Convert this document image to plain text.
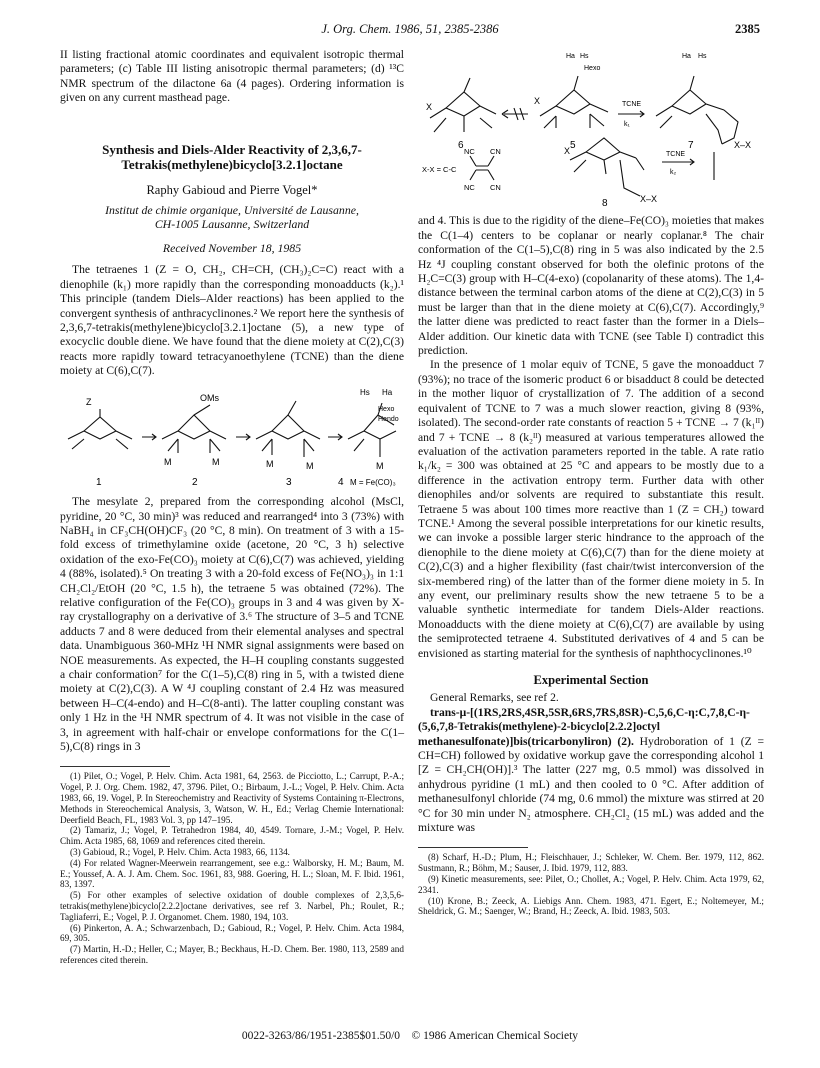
J. Org. Chem. 1986, 51, 2385-2386	2385

II listing fractional atomic coordinates and equivalent isotropic thermal parameters; (c) Table III listing anisotropic thermal parameters; (d) ¹³C NMR spectrum of the dilactone 6a (4 pages). Ordering information is given on any current masthead page.

Synthesis and Diels-Alder Reactivity of 2,3,6,7-Tetrakis(methylene)bicyclo[3.2.1]octane
Raphy Gabioud and Pierre Vogel*
Institut de chimie organique, Université de Lausanne,
CH-1005 Lausanne, Switzerland
Received November 18, 1985

The tetraenes 1 (Z = O, CH₂, CH=CH, (CH₃)₂C=C) react with a dienophile (k₁) more rapidly than the corresponding monoadducts (k₂).¹ This principle (tandem Diels–Alder reactions) has been applied to the convergent synthesis of anthracyclinones.² We report here the synthesis of 2,3,6,7-tetrakis(methylene)bicyclo[3.2.1]octane (5), a new type of exocyclic double diene. We have found that the diene moiety at C(2),C(3) reacts more rapidly toward tetracyanoethylene (TCNE) than the diene moiety at C(6),C(7).

Z	OMs
M	M	M	M	M
Hs Ha
Hexo
Hendo
1	2	3	4 M = Fe(CO)₃

The mesylate 2, prepared from the corresponding alcohol (MsCl, pyridine, 20 °C, 30 min)³ was reduced and rearranged⁴ into 3 (73%) with NaBH₄ in CF₃CH(OH)CF₃ (20 °C, 8 min). On treatment of 3 with a 15-fold excess of trimethylamine oxide (acetone, 20 °C, 3 h) selective oxidation of the exo-Fe(CO)₃ moiety at C(6),C(7) was achieved, yielding 4 (88%, isolated).⁵ On treating 3 with a 20-fold excess of Fe(NO₃)₃ in 1:1 CH₂Cl₂/EtOH (20 °C, 1.5 h), the tetraene 5 was obtained (72%). The relative configuration of the Fe(CO)₃ groups in 3 and 4 was given by X-ray crystallography on a derivative of 3.⁶ The structure of 3–5 and TCNE adducts 7 and 8 were deduced from their elemental analyses and spectral data. Unambiguous 360-MHz ¹H NMR signal assignments were based on NOE measurements. As expected, the H–H coupling constants suggested a chair conformation⁷ for the C(1–5),C(8) ring in 5, with a twisted diene moiety at C(2),C(3). A W ⁴J coupling constant of 2.4 Hz was measured between H–C(4-endo) and H–C(8-anti). The latter coupling constant was only 1 Hz in the ¹H NMR spectrum of 4. It was not visible in the case of 3, in agreement with half-chair or envelope conformations for the C(1–5),C(8) rings in 3

(1) Pilet, O.; Vogel, P. Helv. Chim. Acta 1981, 64, 2563. de Picciotto, L.; Carrupt, P.-A.; Vogel, P. J. Org. Chem. 1982, 47, 3796. Pilet, O.; Birbaum, J.-L.; Vogel, P. Helv. Chim. Acta 1983, 66, 19. Vogel, P. In Stereochemistry and Reactivity of Systems Containing π-Electrons, Methods in Stereochemical Analysis, 3, Watson, W. H., Ed.; Verlag Chemie International: Deerfield Beach, FL, 1983 Vol. 3, pp 147–195.
(2) Tamariz, J.; Vogel, P. Tetrahedron 1984, 40, 4549. Tornare, J.-M.; Vogel, P. Helv. Chim. Acta 1985, 68, 1069 and references cited therein.
(3) Gabioud, R.; Vogel, P. Helv. Chim. Acta 1983, 66, 1134.
(4) For related Wagner-Meerwein rearrangement, see e.g.: Walborsky, H. M.; Baum, M. E.; Youssef, A. A. J. Am. Chem. Soc. 1961, 83, 988. Goering, H. L.; Sloan, M. F. Ibid. 1961, 83, 1397.
(5) For other examples of selective oxidation of double complexes of 2,3,5,6-tetrakis(methylene)bicyclo[2.2.2]octane derivatives, see ref 3. Narbel, Ph.; Roulet, R.; Tagliaferri, E.; Vogel, P. J. Organomet. Chem. 1980, 194, 103.
(6) Pinkerton, A. A.; Schwarzenbach, D.; Gabioud, R.; Vogel, P. Helv. Chim. Acta 1984, 69, 305.
(7) Martin, H.-D.; Heller, C.; Mayer, B.; Beckhaus, H.-D. Chem. Ber. 1980, 113, 2589 and references cited therein.
X
X
X–X
Ha Hs
Hexo
Ha Hs
TCNE
k₁
TCNE
k₂
NC CN
NC CN
X-X = C-C
X
X–X
6	5	7
8

and 4. This is due to the rigidity of the diene–Fe(CO)₃ moieties that makes the C(1–4) centers to be coplanar or nearly coplanar.⁸ The chair conformation of the C(1–5),C(8) ring in 5 was also indicated by the 2.5 Hz ⁴J coupling constant observed for both the olefinic protons of the H₂C=C(3) group with H–C(4-exo) (copolanarity of these atoms). The 1,4-distance between the terminal carbon atoms of the diene at C(2),C(3) in 5 must be larger than that in the diene moiety at C(6),C(7). Accordingly,⁹ the latter diene was predicted to react faster than the former in a Diels–Alder addition. Our kinetic data with TCNE (see Table I) contradict this prediction.

In the presence of 1 molar equiv of TCNE, 5 gave the monoadduct 7 (93%); no trace of the isomeric product 6 or bisadduct 8 could be detected in the mother liquor of crystallization of 7. The addition of a second equivalent of TCNE to 7 was a much slower reaction, giving 8 (93%, isolated). The second-order rate constants of reaction 5 + TCNE → 7 (k₁ᴵᴵ) and 7 + TCNE → 8 (k₂ᴵᴵ) measured at various temperatures allowed the evaluation of the activation parameters reported in the table. A rate ratio k₁/k₂ = 300 was obtained at 25 °C and appears to be mostly due to a difference in the activation entropy term. Further data with other dienophiles and/or solvents are required to substantiate this result. Tetraene 5 was about 100 times more reactive than 1 (Z = CH₂) toward TCNE.¹ Among the several possible interpretations for our kinetic results, we can invoke a possible larger steric hindrance to the approach of the dienophile to the diene moiety at C(6),C(7) than for the diene moiety at C(2),C(3) and a higher flexibility (fast chair/twist interconversion of the six-membered ring) of the latter than of the former diene moiety in 5. In any event, our preliminary results show the new tetraene 5 to be a valuable synthetic intermediate for tandem Diels-Alder reactions. Monoadducts with the diene moiety at C(6),C(7) are available by using the semiprotected tetraene 4. Substituted derivatives of 4 and 5 can be envisioned as starting material for the synthesis of naphthocyclinones.¹⁰

Experimental Section

General Remarks, see ref 2.

trans-μ-[(1RS,2RS,4SR,5SR,6RS,7RS,8SR)-C,5,6,C-η:C,7,8,C-η-(5,6,7,8-Tetrakis(methylene)-2-bicyclo[2.2.2]octyl methanesulfonate)]bis(tricarbonyliron) (2). Hydroboration of 1 (Z = CH=CH) followed by oxidative workup gave the corresponding alcohol 1 [Z = CH₂CH(OH)].³ The latter (227 mg, 0.5 mmol) was dissolved in anhydrous pyridine (1 mL) and then cooled to 0 °C. After addition of methanesulfonyl chloride (74 mg, 0.6 mmol) the mixture was stirred at 20 °C for 30 min under N₂ atmosphere. CH₂Cl₂ (15 mL) was added and the mixture was

(8) Scharf, H.-D.; Plum, H.; Fleischhauer, J.; Schleker, W. Chem. Ber. 1979, 112, 862. Sustmann, R.; Böhm, M.; Sauser, J. Ibid. 1979, 112, 883.
(9) Kinetic measurements, see: Pilet, O.; Chollet, A.; Vogel, P. Helv. Chim. Acta 1979, 62, 2341.
(10) Krone, B.; Zeeck, A. Liebigs Ann. Chem. 1983, 471. Egert, E.; Noltemeyer, M.; Sheldrick, G. M.; Saenger, W.; Brand, H.; Zeeck, A. Ibid. 1983, 503.
0022-3263/86/1951-2385$01.50/0 © 1986 American Chemical Society
